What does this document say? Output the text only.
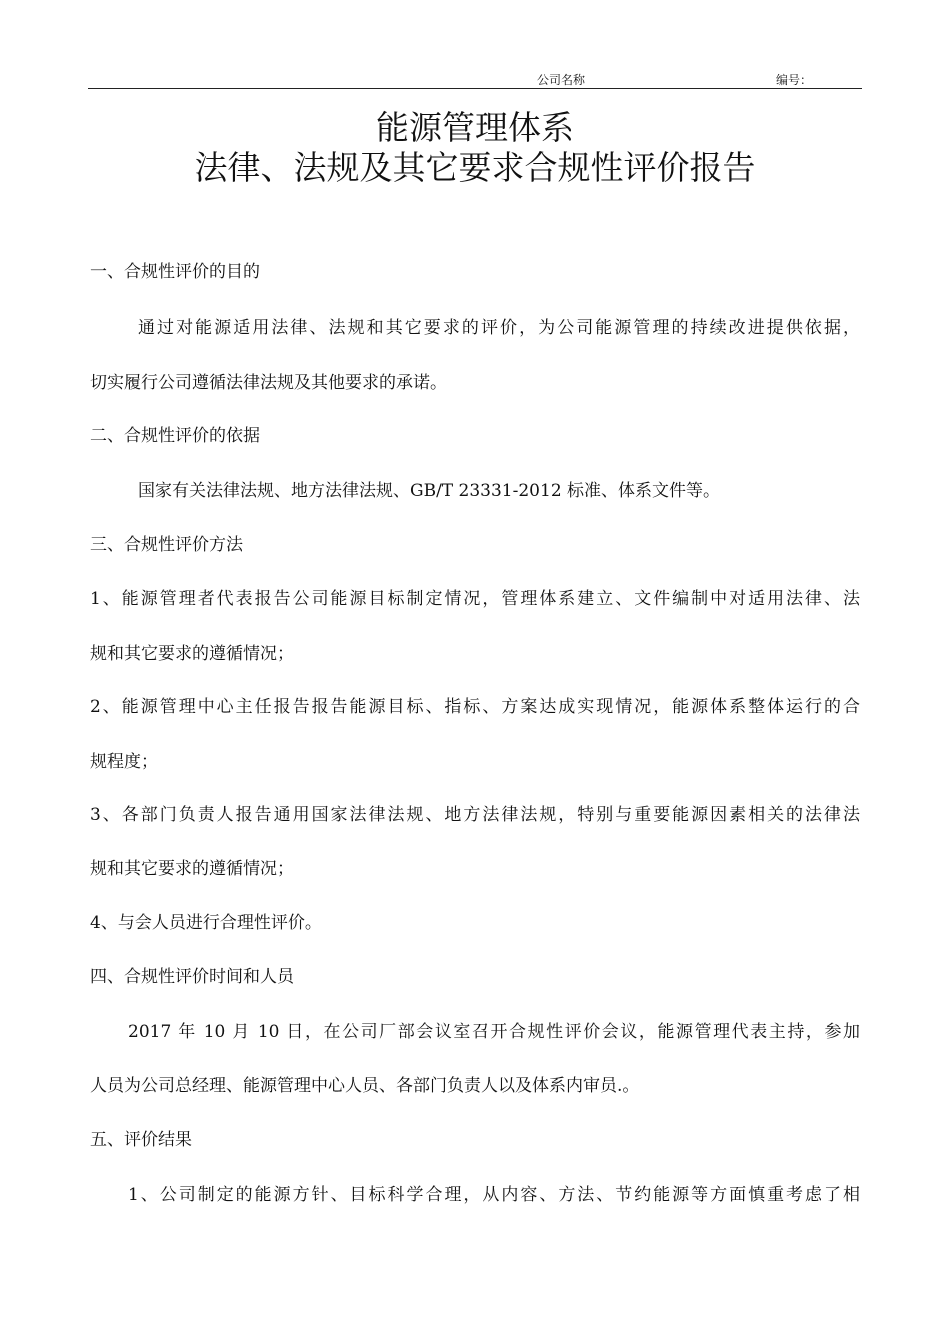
公司名称	编号：
能源管理体系
法律、法规及其它要求合规性评价报告
一、合规性评价的目的
通过对能源适用法律、法规和其它要求的评价，为公司能源管理的持续改进提供依据，
切实履行公司遵循法律法规及其他要求的承诺。
二、合规性评价的依据
国家有关法律法规、地方法律法规、GB/T 23331-2012 标准、体系文件等。
三、合规性评价方法
1、能源管理者代表报告公司能源目标制定情况，管理体系建立、文件编制中对适用法律、法
规和其它要求的遵循情况；
2、能源管理中心主任报告报告能源目标、指标、方案达成实现情况，能源体系整体运行的合
规程度；
3、各部门负责人报告通用国家法律法规、地方法律法规，特别与重要能源因素相关的法律法
规和其它要求的遵循情况；
4、与会人员进行合理性评价。
四、合规性评价时间和人员
2017 年 10 月 10 日，在公司厂部会议室召开合规性评价会议，能源管理代表主持，参加
人员为公司总经理、能源管理中心人员、各部门负责人以及体系内审员.。
五、评价结果
1、公司制定的能源方针、目标科学合理，从内容、方法、节约能源等方面慎重考虑了相
